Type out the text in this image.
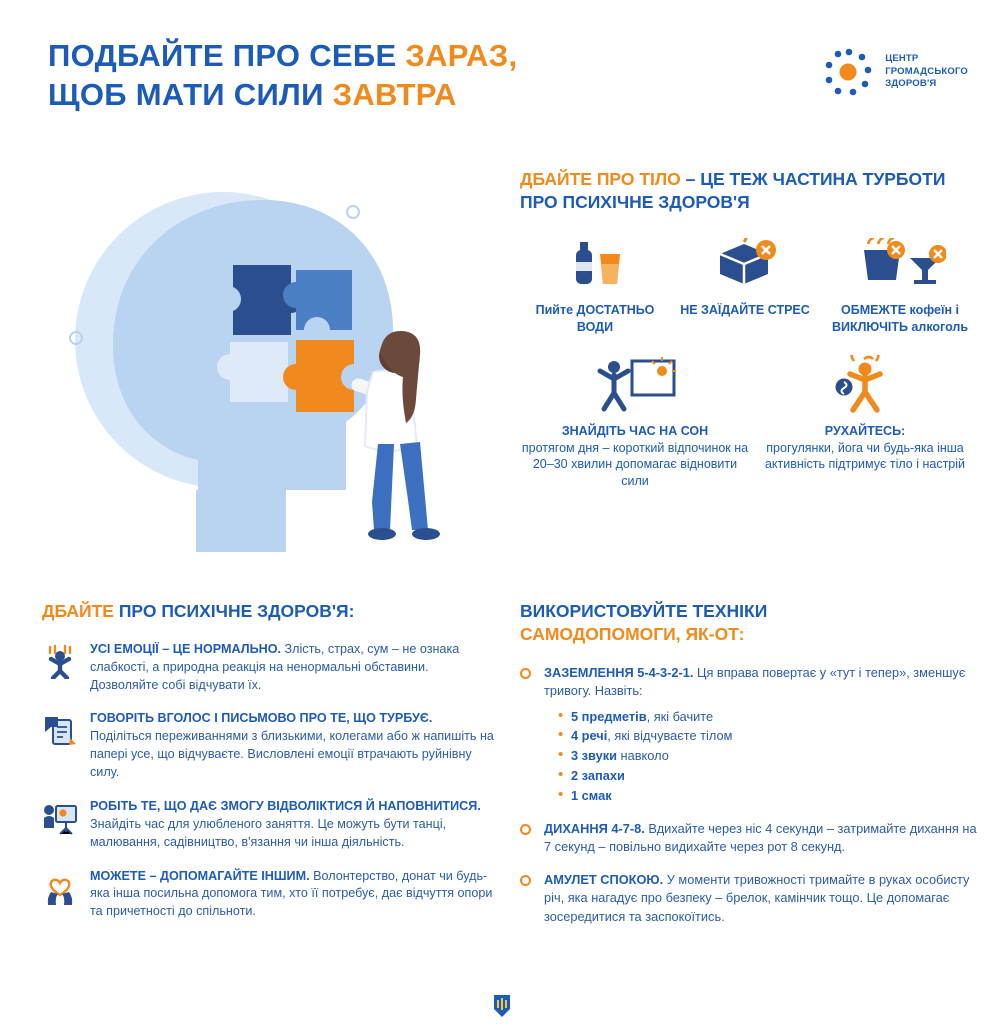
ПОДБАЙТЕ ПРО СЕБЕ ЗАРАЗ,
ЩОБ МАТИ СИЛИ ЗАВТРА
ЦЕНТР
ГРОМАДСЬКОГО
ЗДОРОВ'Я
ДБАЙТЕ ПРО ТІЛО – ЦЕ ТЕЖ ЧАСТИНА ТУРБОТИ ПРО ПСИХІЧНЕ ЗДОРОВ'Я
Пийте ДОСТАТНЬО ВОДИ
НЕ ЗАЇДАЙТЕ СТРЕС	ОБМЕЖТЕ кофеїн і ВИКЛЮЧІТЬ алкоголь
ЗНАЙДІТЬ ЧАС НА СОН
протягом дня – короткий відпочинок на 20–30 хвилин допомагає відновити сили
РУХАЙТЕСЬ:
прогулянки, йога чи будь-яка інша активність підтримує тіло і настрій
ДБАЙТЕ ПРО ПСИХІЧНЕ ЗДОРОВ'Я:
УСІ ЕМОЦІЇ – ЦЕ НОРМАЛЬНО. Злість, страх, сум – не ознака слабкості, а природна реакція на ненормальні обставини. Дозволяйте собі відчувати їх.
ГОВОРІТЬ ВГОЛОС І ПИСЬМОВО ПРО ТЕ, ЩО ТУРБУЄ. Поділіться переживаннями з близькими, колегами або ж напишіть на папері усе, що відчуваєте. Висловлені емоції втрачають руйнівну силу.
РОБІТЬ ТЕ, ЩО ДАЄ ЗМОГУ ВІДВОЛІКТИСЯ Й НАПОВНИТИСЯ. Знайдіть час для улюбленого заняття. Це можуть бути танці, малювання, садівництво, в'язання чи інша діяльність.
МОЖЕТЕ – ДОПОМАГАЙТЕ ІНШИМ. Волонтерство, донат чи будь-яка інша посильна допомога тим, хто її потребує, дає відчуття опори та причетності до спільноти.
ВИКОРИСТОВУЙТЕ ТЕХНІКИ
САМОДОПОМОГИ, ЯК-ОТ:
ЗАЗЕМЛЕННЯ 5-4-3-2-1. Ця вправа повертає у «тут і тепер», зменшує тривогу. Назвіть:
• 5 предметів, які бачите
• 4 речі, які відчуваєте тілом
• 3 звуки навколо
• 2 запахи
• 1 смак
ДИХАННЯ 4-7-8. Вдихайте через ніс 4 секунди – затримайте дихання на 7 секунд – повільно видихайте через рот 8 секунд.
АМУЛЕТ СПОКОЮ. У моменти тривожності тримайте в руках особисту річ, яка нагадує про безпеку – брелок, камінчик тощо. Це допомагає зосередитися та заспокоїтись.
